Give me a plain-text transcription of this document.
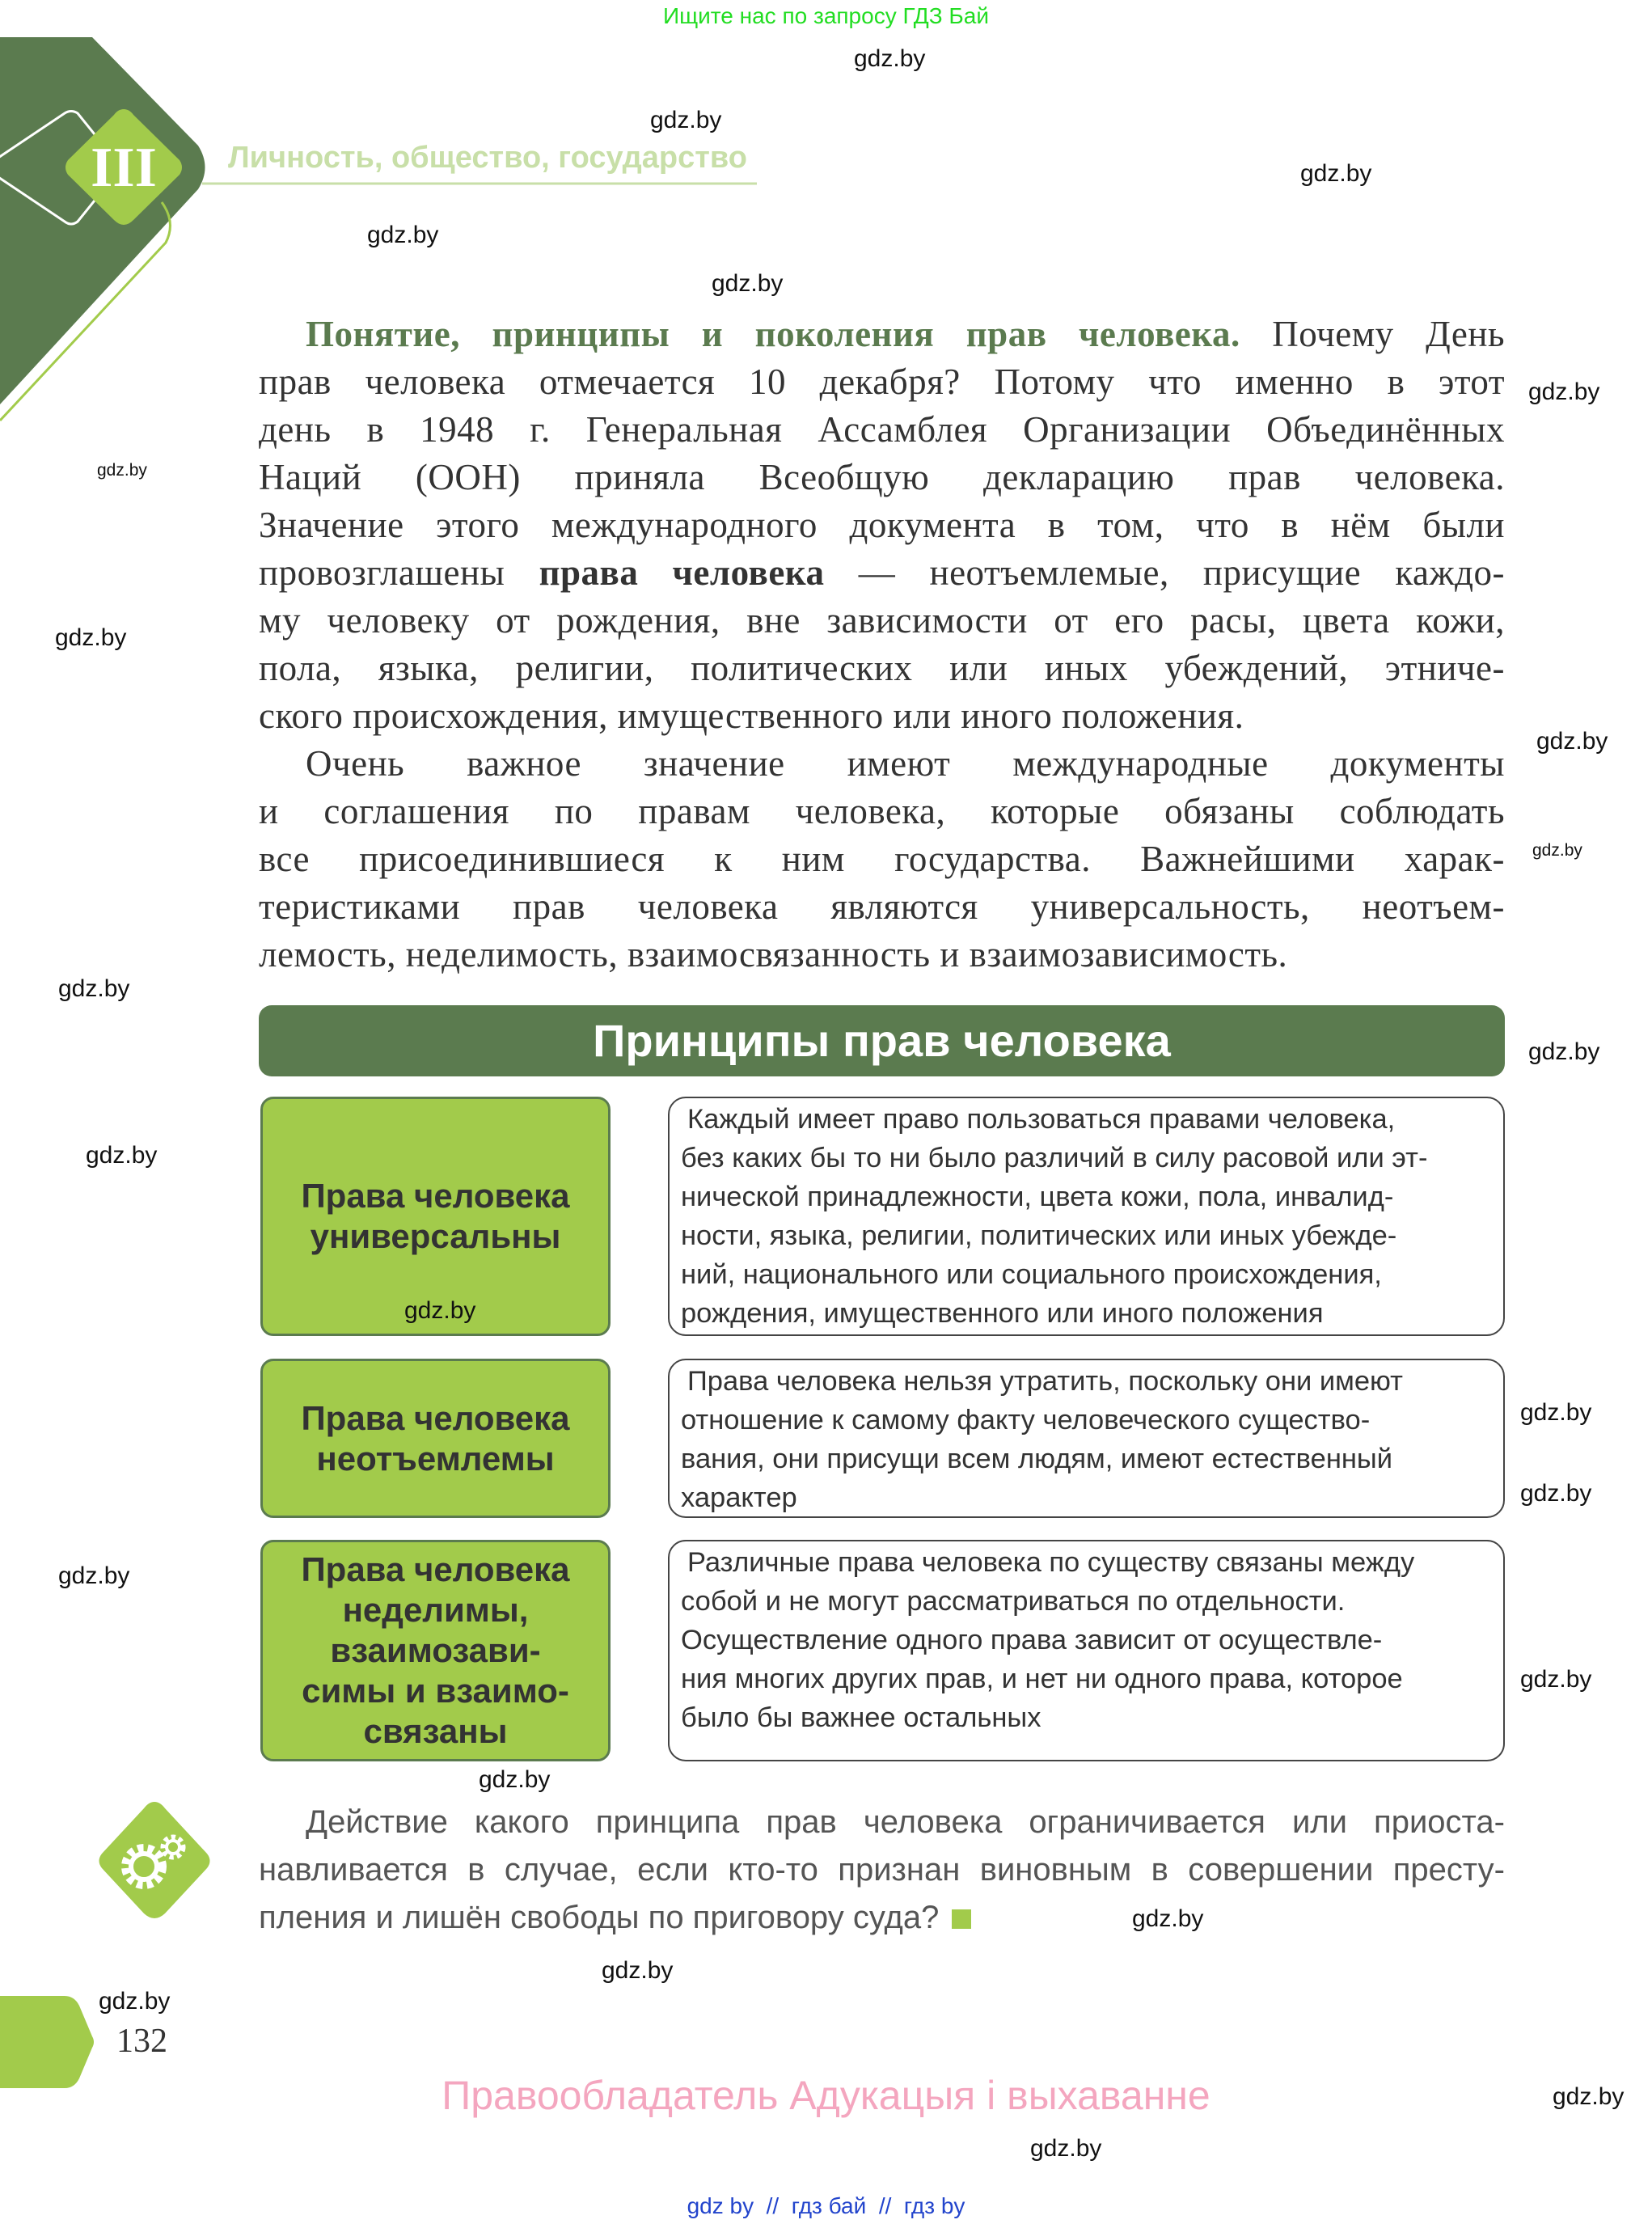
Ищите нас по запросу ГДЗ Бай
III	Личность, общество, государство
Понятие, принципы и поколения прав человека. Почему День
прав человека отмечается 10 декабря? Потому что именно в этот
день в 1948 г. Генеральная Ассамблея Организации Объединённых
Наций (ООН) приняла Всеобщую декларацию прав человека.
Значение этого международного документа в том, что в нём были
провозглашены права человека — неотъемлемые, присущие каждо-
му человеку от рождения, вне зависимости от его расы, цвета кожи,
пола, языка, религии, политических или иных убеждений, этниче-
ского происхождения, имущественного или иного положения.
Очень важное значение имеют международные документы
и соглашения по правам человека, которые обязаны соблюдать
все присоединившиеся к ним государства. Важнейшими харак-
теристиками прав человека являются универсальность, неотъем-
лемость, неделимость, взаимосвязанность и взаимозависимость.
Принципы прав человека
Права человека
универсальны
Каждый имеет право пользоваться правами человека,
без каких бы то ни было различий в силу расовой или эт-
нической принадлежности, цвета кожи, пола, инвалид-
ности, языка, религии, политических или иных убежде-
ний, национального или социального происхождения,
рождения, имущественного или иного положения
Права человека
неотъемлемы
Права человека нельзя утратить, поскольку они имеют
отношение к самому факту человеческого существо-
вания, они присущи всем людям, имеют естественный
характер
Права человека
неделимы,
взаимозави-
симы и взаимо-
связаны
Различные права человека по существу связаны между
собой и не могут рассматриваться по отдельности.
Осуществление одного права зависит от осуществле-
ния многих других прав, и нет ни одного права, которое
было бы важнее остальных
Действие какого принципа прав человека ограничивается или приоста-
навливается в случае, если кто-то признан виновным в совершении престу-
пления и лишён свободы по приговору суда?
132
Правообладатель Адукацыя і выхаванне
gdz by  //  гдз бай  //  гдз by
gdz.by
gdz.by
gdz.by
gdz.by
gdz.by
gdz.by
gdz.by
gdz.by
gdz.by
gdz.by
gdz.by
gdz.by
gdz.by
gdz.by
gdz.by
gdz.by
gdz.by
gdz.by
gdz.by
gdz.by
gdz.by
gdz.by
gdz.by
gdz.by
